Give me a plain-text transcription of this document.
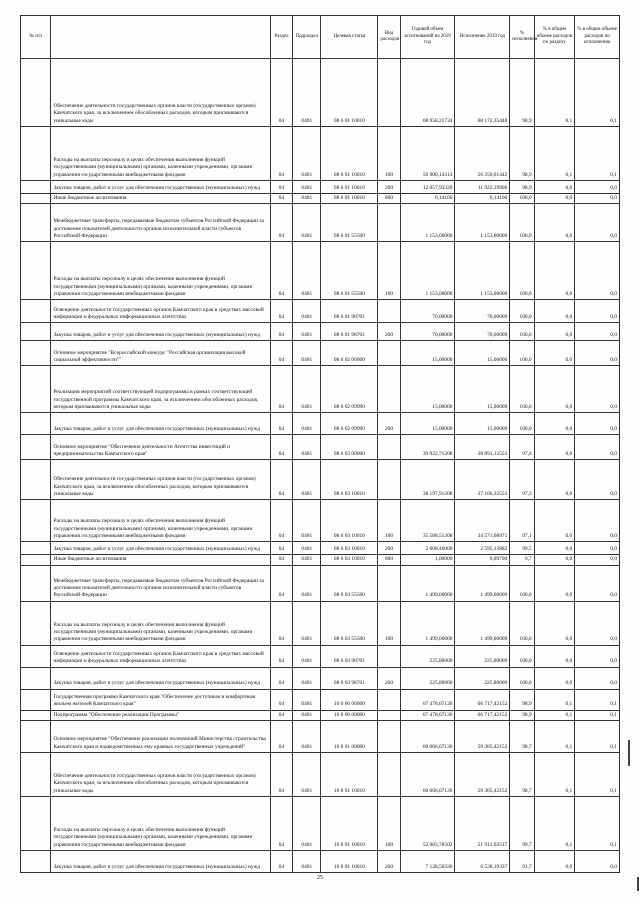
№ п/п		Раздел	Подраздел	Целевая статья	Вид расходов	Годовой объем ассигнований на 2019 год	Исполнение 2019 год	% исполнения	% в общем объеме расходов по разделу	% в общем объеме расходов по исполнению
	Обеспечение деятельности государственных органов власти (государственных органов) Камчатского края, за исключением обособленных расходов, которым присваиваются уникальные коды	04	0401	08 6 01 10010		68 958,21734	68 172,35448	98,9	0,1	0,1
	Расходы на выплаты персоналу в целях обеспечения выполнения функций государственными (муниципальными) органами, казенными учреждениями, органами управления государственными внебюджетными фондами	04	0401	08 6 01 10010	100	56 900,14314	56 250,01442	98,9	0,1	0,1
	Закупка товаров, работ и услуг для обеспечения государственных (муниципальных) нужд	04	0401	08 6 01 10010	200	12 057,93320	11 922,19906	98,9	0,0	0,0
	Иные бюджетные ассигнования	04	0401	08 6 01 10010	800	0,14100	0,14100	100,0	0,0	0,0
	Межбюджетные трансферты, передаваемые бюджетам субъектов Российской Федерации за достижение показателей деятельности органов исполнительной власти субъектов Российской Федерации	04	0401	08 6 01 55500		1 153,00000	1 153,00000	100,0	0,0	0,0
	Расходы на выплаты персоналу в целях обеспечения выполнения функций государственными (муниципальными) органами, казенными учреждениями, органами управления государственными внебюджетными фондами	04	0401	08 6 01 55500	100	1 153,00000	1 153,00000	100,0	0,0	0,0
	Освещение деятельности государственных органов Камчатского края в средствах массовой информации и федеральных информационных агентствах	04	0401	08 6 01 98701		70,00000	70,00000	100,0	0,0	0,0
	Закупка товаров, работ и услуг для обеспечения государственных (муниципальных) нужд	04	0401	08 6 01 98701	200	70,00000	70,00000	100,0	0,0	0,0
	Основное мероприятие "Всероссийский конкурс "Российская организация высокой социальной эффективности""	04	0401	08 6 02 00000		15,00000	15,00000	100,0	0,0	0,0
	Реализация мероприятий соответствующей подпрограммы в рамках соответствующей государственной программы Камчатского края, за исключением обособленных расходов, которым присваиваются уникальные коды	04	0401	08 6 02 09990		15,00000	15,00000	100,0	0,0	0,0
	Закупка товаров, работ и услуг для обеспечения государственных (муниципальных) нужд	04	0401	08 6 02 09990	200	15,00000	15,00000	100,0	0,0	0,0
	Основное мероприятие "Обеспечение деятельности Агентства инвестиций и предпринимательства Камчатского края"	04	0401	08 6 03 00000		39 922,71208	38 891,12553	97,4	0,0	0,0
	Обеспечение деятельности государственных органов власти (государственных органов) Камчатского края, за исключением обособленных расходов, которым присваиваются уникальные коды	04	0401	08 6 03 10010		38 197,91208	37 166,32553	97,3	0,0	0,0
	Расходы на выплаты персоналу в целях обеспечения выполнения функций государственными (муниципальными) органами, казенными учреждениями, органами управления государственными внебюджетными фондами	04	0401	08 6 03 10010	100	35 588,51208	34 571,08971	97,1	0,0	0,0
	Закупка товаров, работ и услуг для обеспечения государственных (муниципальных) нужд	04	0401	08 6 03 10010	200	2 608,40000	2 595,13882	99,5	0,0	0,0
	Иные бюджетные ассигнования	04	0401	08 6 03 10010	800	1,00000	0,09700	9,7	0,0	0,0
	Межбюджетные трансферты, передаваемые бюджетам субъектов Российской Федерации за достижение показателей деятельности органов исполнительной власти субъектов Российской Федерации	04	0401	08 6 03 55500		1 499,00000	1 499,00000	100,0	0,0	0,0
	Расходы на выплаты персоналу в целях обеспечения выполнения функций государственными (муниципальными) органами, казенными учреждениями, органами управления государственными внебюджетными фондами	04	0401	08 6 03 55500	100	1 499,00000	1 499,00000	100,0	0,0	0,0
	Освещение деятельности государственных органов Камчатского края в средствах массовой информации и федеральных информационных агентствах	04	0401	08 6 03 98701		225,80000	225,80000	100,0	0,0	0,0
	Закупка товаров, работ и услуг для обеспечения государственных (муниципальных) нужд	04	0401	08 6 03 98701	200	225,80000	225,80000	100,0	0,0	0,0
	Государственная программа Камчатского края "Обеспечение доступным и комфортным жильем жителей Камчатского края"	04	0401	10 0 00 00000		67 478,67126	66 717,42152	98,9	0,1	0,1
	Подпрограмма "Обеспечение реализации Программы"	04	0401	10 8 00 00000		67 478,67126	66 717,42152	98,9	0,1	0,1
	Основное мероприятие "Обеспечение реализации полномочий Министерства строительства Камчатского края и подведомственных ему краевых государственных учреждений"	04	0401	10 8 01 00000		60 066,67126	59 305,42152	98,7	0,1	0,1
	Обеспечение деятельности государственных органов власти (государственных органов) Камчатского края, за исключением обособленных расходов, которым присваиваются уникальные коды	04	0401	10 8 01 10010		60 066,67126	59 305,42152	98,7	0,1	0,1
	Расходы на выплаты персоналу в целях обеспечения выполнения функций государственными (муниципальными) органами, казенными учреждениями, органами управления государственными внебюджетными фондами	04	0401	10 8 01 10010	100	52 083,78502	51 912,92517	99,7	0,1	0,1
	Закупка товаров, работ и услуг для обеспечения государственных (муниципальных) нужд	04	0401	10 8 01 10010	200	7 128,58326	6 528,19337	91,7	0,0	0,0
25
